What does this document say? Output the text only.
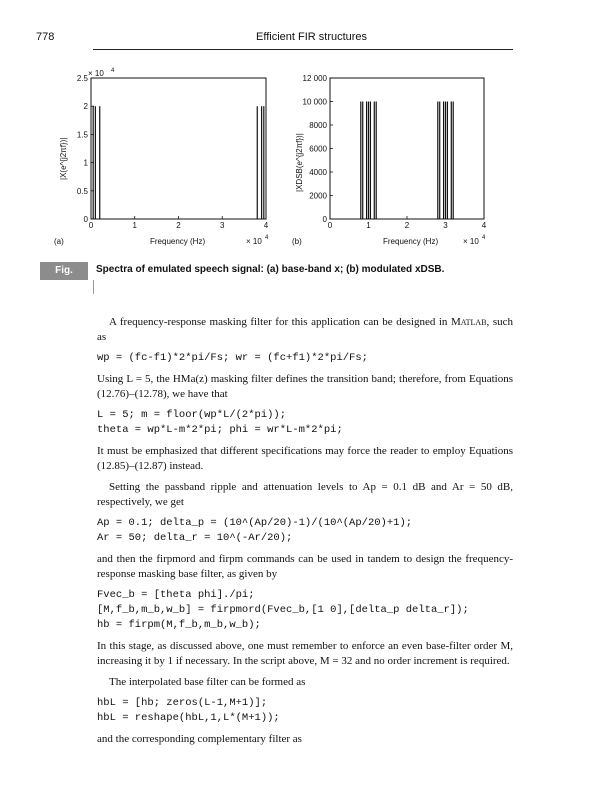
778	Efficient FIR structures
0
0.5
1
1.5
2
2.5
0	1	2	3	4
× 10 4
|X(e^{j2πf})|
Frequency (Hz)	× 10 4
(a)
0
2000
4000
6000
8000
10 000
12 000
0	1	2	3	4
|XDSB(e^{j2πf})|
Frequency (Hz)	× 10 4
(b)
Fig. 12.26.
Spectra of emulated speech signal: (a) base-band x; (b) modulated xDSB.

A frequency-response masking filter for this application can be designed in Matlab, such as

wp = (fc-f1)*2*pi/Fs; wr = (fc+f1)*2*pi/Fs;

Using L = 5, the HMa(z) masking filter defines the transition band; therefore, from Equations (12.76)–(12.78), we have that

L = 5; m = floor(wp*L/(2*pi));
theta = wp*L-m*2*pi; phi = wr*L-m*2*pi;

It must be emphasized that different specifications may force the reader to employ Equations (12.85)–(12.87) instead.

Setting the passband ripple and attenuation levels to Ap = 0.1 dB and Ar = 50 dB, respectively, we get

Ap = 0.1; delta_p = (10^(Ap/20)-1)/(10^(Ap/20)+1);
Ar = 50; delta_r = 10^(-Ar/20);

and then the firpmord and firpm commands can be used in tandem to design the frequency-response masking base filter, as given by

Fvec_b = [theta phi]./pi;
[M,f_b,m_b,w_b] = firpmord(Fvec_b,[1 0],[delta_p delta_r]);
hb = firpm(M,f_b,m_b,w_b);

In this stage, as discussed above, one must remember to enforce an even base-filter order M, increasing it by 1 if necessary. In the script above, M = 32 and no order increment is required.

The interpolated base filter can be formed as

hbL = [hb; zeros(L-1,M+1)];
hbL = reshape(hbL,1,L*(M+1));

and the corresponding complementary filter as
